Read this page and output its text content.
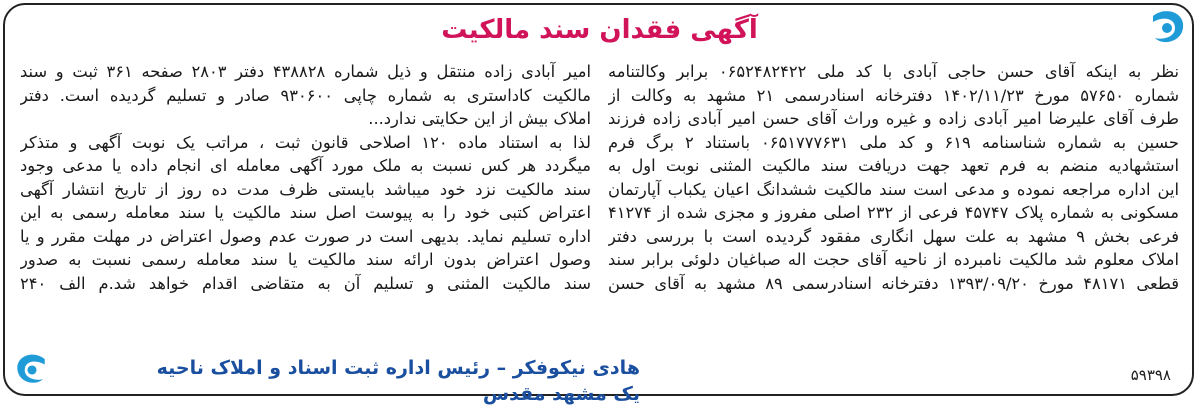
آگهی فقدان سند مالکیت
نظر به اینکه آقای حسن حاجی آبادی با کد ملی ۰۶۵۲۴۸۲۴۲۲ برابر وکالتنامه
شماره ۵۷۶۵۰ مورخ ۱۴۰۲/۱۱/۲۳ دفترخانه اسنادرسمی ۲۱ مشهد به وکالت از
طرف آقای علیرضا امیر آبادی زاده و غیره وراث آقای حسن امیر آبادی زاده فرزند
حسین به شماره شناسنامه ۶۱۹ و کد ملی ۰۶۵۱۷۷۷۶۳۱ باستناد ۲ برگ فرم
استشهادیه منضم به فرم تعهد جهت دریافت سند مالکیت المثنی نوبت اول به
این اداره مراجعه نموده و مدعی است سند مالکیت ششدانگ اعیان یکباب آپارتمان
مسکونی به شماره پلاک ۴۵۷۴۷ فرعی از ۲۳۲ اصلی مفروز و مجزی شده از ۴۱۲۷۴
فرعی بخش ۹ مشهد به علت سهل انگاری مفقود گردیده است با بررسی دفتر
املاک معلوم شد مالکیت نامبرده از ناحیه آقای حجت اله صباغیان دلوئی برابر سند
قطعی ۴۸۱۷۱ مورخ ۱۳۹۳/۰۹/۲۰ دفترخانه اسنادرسمی ۸۹ مشهد به آقای حسن
امیر آبادی زاده منتقل و ذیل شماره ۴۳۸۸۲۸ دفتر ۲۸۰۳ صفحه ۳۶۱ ثبت و سند
مالکیت کاداستری به شماره چاپی ۹۳۰۶۰۰ صادر و تسلیم گردیده است. دفتر
املاک بیش از این حکایتی ندارد...
لذا به استناد ماده ۱۲۰ اصلاحی قانون ثبت ، مراتب یک نوبت آگهی و متذکر
میگردد هر کس نسبت به ملک مورد آگهی معامله ای انجام داده یا مدعی وجود
سند مالکیت نزد خود میباشد بایستی ظرف مدت ده روز از تاریخ انتشار آگهی
اعتراض کتبی خود را به پیوست اصل سند مالکیت یا سند معامله رسمی به این
اداره تسلیم نماید. بدیهی است در صورت عدم وصول اعتراض در مهلت مقرر و یا
وصول اعتراض بدون ارائه سند مالکیت یا سند معامله رسمی نسبت به صدور
سند مالکیت المثنی و تسلیم آن به متقاضی اقدام خواهد شد.م الف ۲۴۰
هادی نیکوفکر – رئیس اداره ثبت اسناد و املاک ناحیه یک مشهد مقدس
۵۹۳۹۸
